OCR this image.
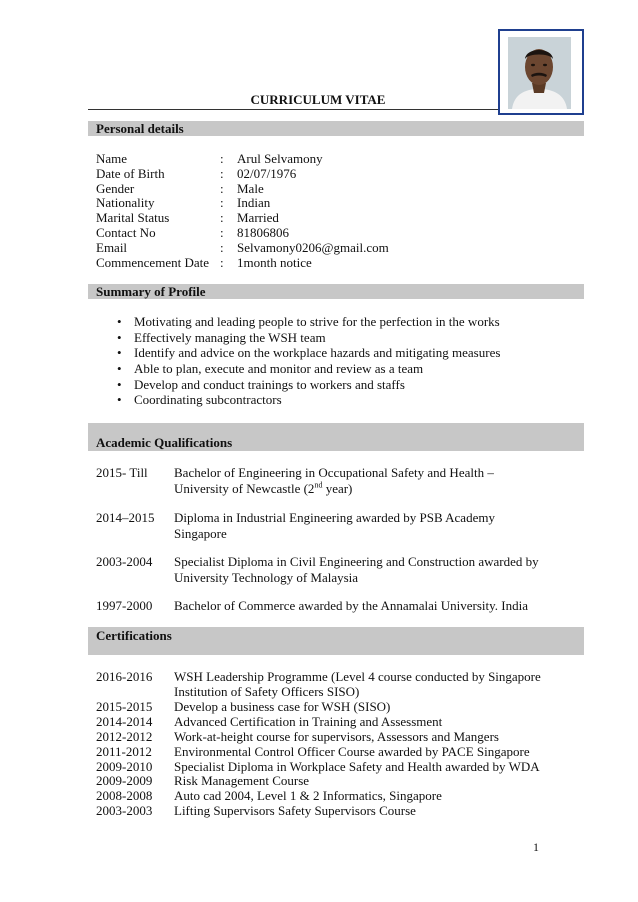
CURRICULUM VITAE
Personal details
Name	: Arul Selvamony
Date of Birth	: 02/07/1976
Gender	: Male
Nationality	: Indian
Marital Status	: Married
Contact No	: 81806806
Email	: Selvamony0206@gmail.com
Commencement Date : 1month notice
Summary of Profile
• Motivating and leading people to strive for the perfection in the works
• Effectively managing the WSH team
• Identify and advice on the workplace hazards and mitigating measures
• Able to plan, execute and monitor and review as a team
• Develop and conduct trainings to workers and staffs
• Coordinating subcontractors
Academic Qualifications
2015- Till Bachelor of Engineering in Occupational Safety and Health –
University of Newcastle (2nd year)
2014–2015 Diploma in Industrial Engineering awarded by PSB Academy
Singapore
2003-2004 Specialist Diploma in Civil Engineering and Construction awarded by
University Technology of Malaysia
1997-2000 Bachelor of Commerce awarded by the Annamalai University. India
Certifications
2016-2016 WSH Leadership Programme (Level 4 course conducted by Singapore
Institution of Safety Officers SISO)
2015-2015 Develop a business case for WSH (SISO)
2014-2014 Advanced Certification in Training and Assessment
2012-2012 Work-at-height course for supervisors, Assessors and Mangers
2011-2012 Environmental Control Officer Course awarded by PACE Singapore
2009-2010 Specialist Diploma in Workplace Safety and Health awarded by WDA
2009-2009 Risk Management Course
2008-2008 Auto cad 2004, Level 1 & 2 Informatics, Singapore
2003-2003 Lifting Supervisors Safety Supervisors Course
1
